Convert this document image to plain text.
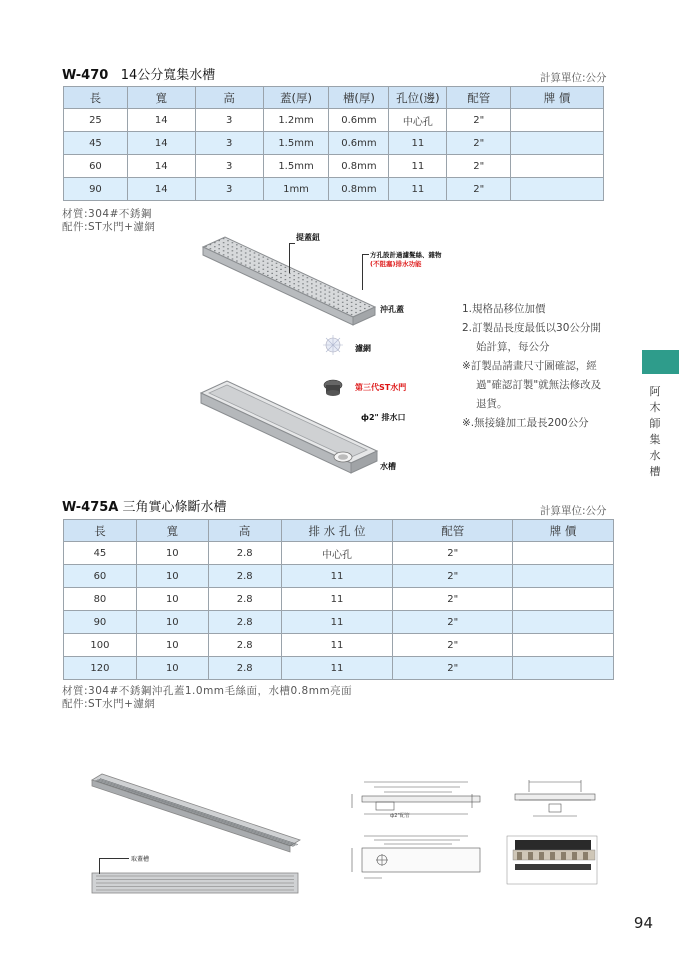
W-470 14公分寬集水槽	計算單位:公分
長	寬	高	蓋(厚)	槽(厚)	孔位(邊)	配管	牌 價
25	14	3	1.2mm	0.6mm	中心孔	2"	
45	14	3	1.5mm	0.6mm	11	2"	
60	14	3	1.5mm	0.8mm	11	2"	
90	14	3	1mm	0.8mm	11	2"	
材質:304#不銹鋼
配件:ST水門+濾網
提蓋鈕
方孔設計過濾髮絲、雜物
(不阻塞)排水功能
沖孔蓋
濾網
第三代ST水門
ф2" 排水口
水槽
1.規格品移位加價
2.訂製品長度最低以30公分開
始計算，每公分
※訂製品請畫尺寸圖確認，經
過"確認訂製"就無法修改及
退貨。
※.無接縫加工最長200公分
阿
木
師
集
水
槽
W-475A 三角實心條斷水槽	計算單位:公分
長	寬	高	排 水 孔 位	配管	牌 價
45	10	2.8	中心孔	2"	
60	10	2.8	11	2"	
80	10	2.8	11	2"	
90	10	2.8	11	2"	
100	10	2.8	11	2"	
120	10	2.8	11	2"	
材質:304#不銹鋼沖孔蓋1.0mm毛絲面，水槽0.8mm亮面
配件:ST水門+濾網
取蓋槽
ф2"配管
94
